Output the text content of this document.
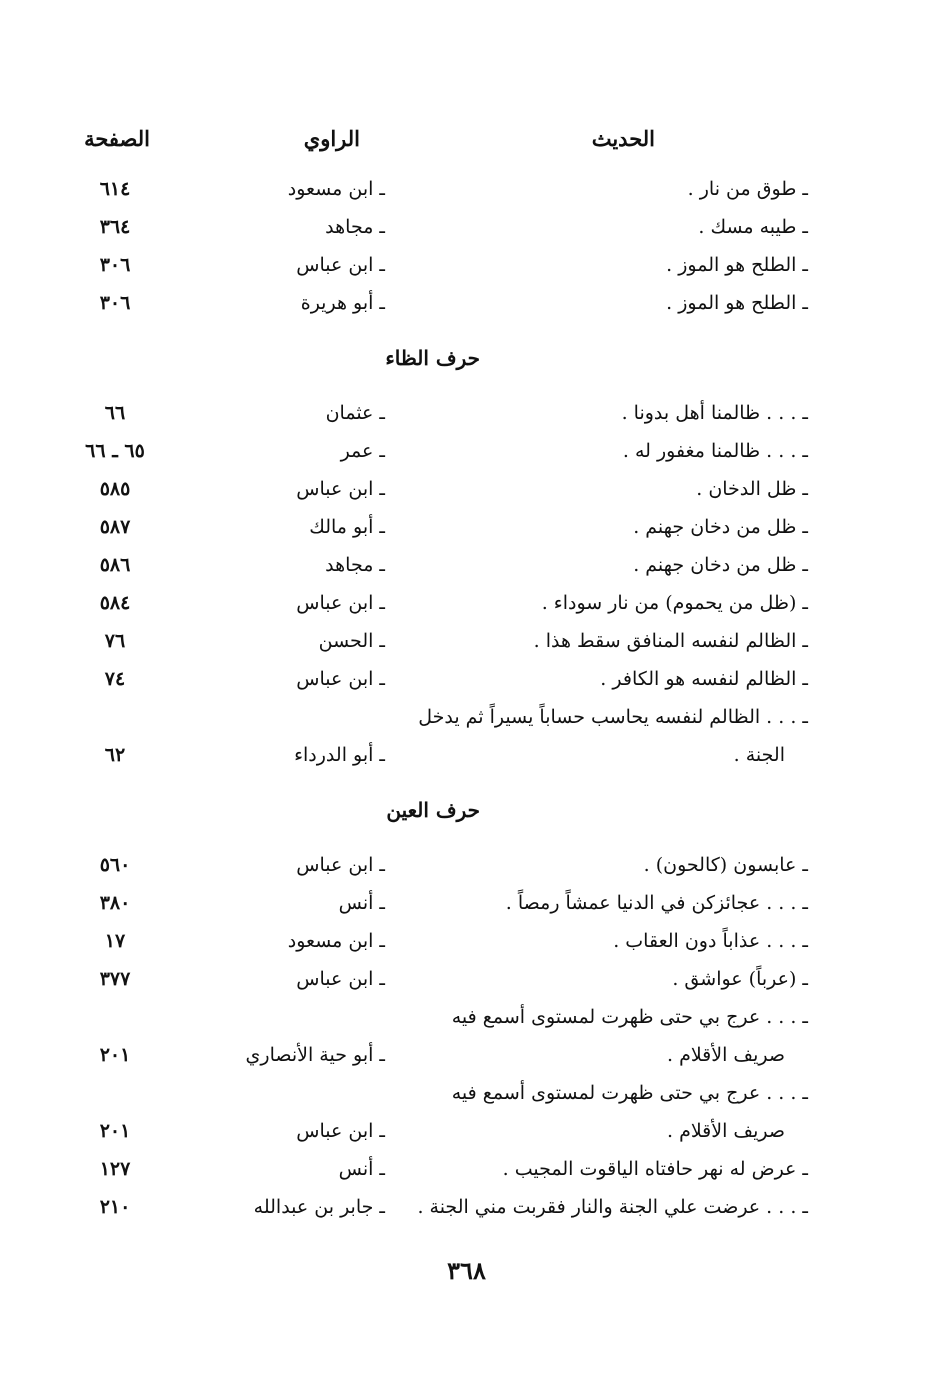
الحديث
الراوي
الصفحة
ـ طوق من نار .
ـ ابن مسعود
٦١٤
ـ طيبه مسك .
ـ مجاهد
٣٦٤
ـ الطلح هو الموز .
ـ ابن عباس
٣٠٦
ـ الطلح هو الموز .
ـ أبو هريرة
٣٠٦
حرف الظاء
ـ . . . ظالمنا أهل بدونا .
ـ عثمان
٦٦
ـ . . . ظالمنا مغفور له .
ـ عمر
٦٥ ـ ٦٦
ـ ظل الدخان .
ـ ابن عباس
٥٨٥
ـ ظل من دخان جهنم .
ـ أبو مالك
٥٨٧
ـ ظل من دخان جهنم .
ـ مجاهد
٥٨٦
ـ (ظل من يحموم) من نار سوداء .
ـ ابن عباس
٥٨٤
ـ الظالم لنفسه المنافق سقط هذا .
ـ الحسن
٧٦
ـ الظالم لنفسه هو الكافر .
ـ ابن عباس
٧٤
ـ . . . الظالم لنفسه يحاسب حساباً يسيراً ثم يدخل
الجنة .
ـ أبو الدرداء
٦٢
حرف العين
ـ عابسون (كالحون) .
ـ ابن عباس
٥٦٠
ـ . . . عجائزكن في الدنيا عمشاً رمصاً .
ـ أنس
٣٨٠
ـ . . . عذاباً دون العقاب .
ـ ابن مسعود
١٧
ـ (عرباً) عواشق .
ـ ابن عباس
٣٧٧
ـ . . . عرج بي حتى ظهرت لمستوى أسمع فيه
صريف الأقلام .
ـ أبو حية الأنصاري
٢٠١
ـ . . . عرج بي حتى ظهرت لمستوى أسمع فيه
صريف الأقلام .
ـ ابن عباس
٢٠١
ـ عرض له نهر حافتاه الياقوت المجيب .
ـ أنس
١٢٧
ـ . . . عرضت علي الجنة والنار فقربت مني الجنة .
ـ جابر بن عبدالله
٢١٠
٣٦٨
